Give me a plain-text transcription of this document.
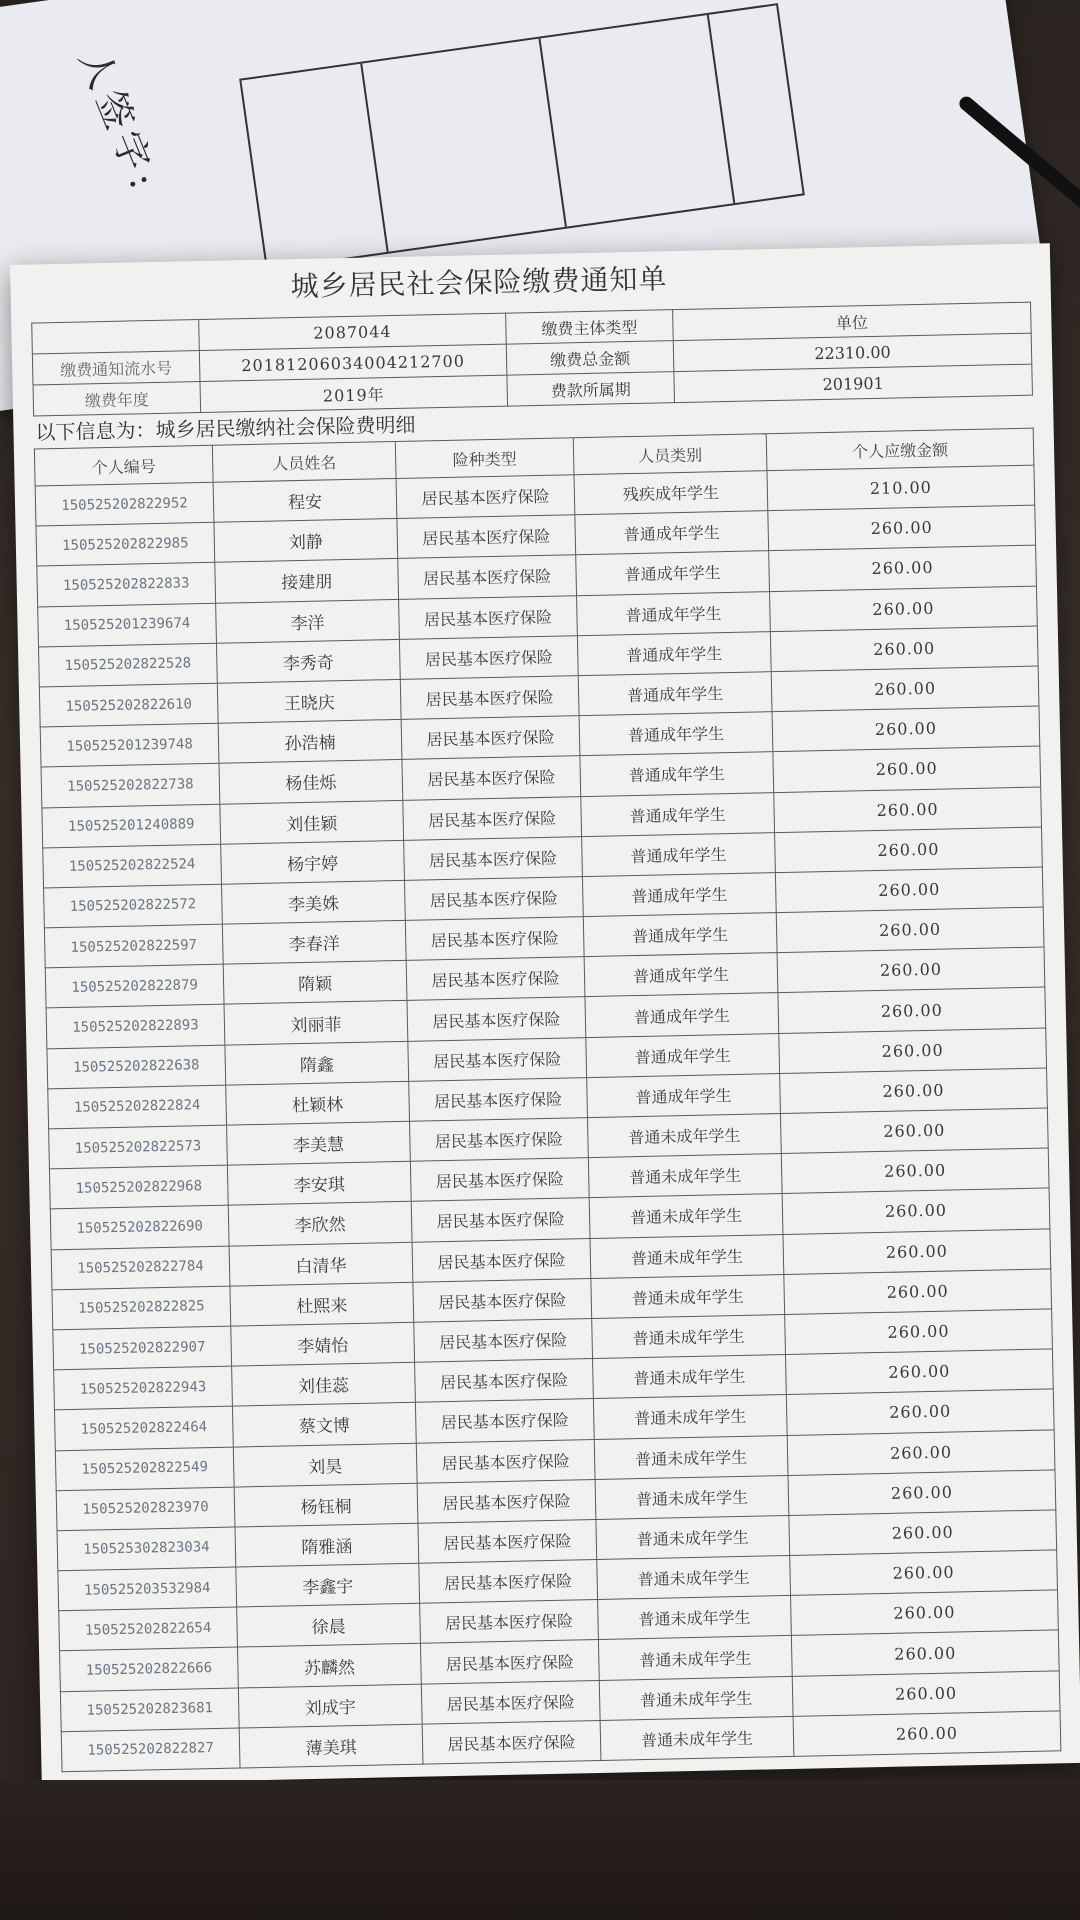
人签字:
城乡居民社会保险缴费通知单
	2087044	缴费主体类型	单位
缴费通知流水号	20181206034004212700	缴费总金额	22310.00
缴费年度	2019年	费款所属期	201901
以下信息为：城乡居民缴纳社会保险费明细
个人编号	人员姓名	险种类型	人员类别	个人应缴金额
150525202822952	程安	居民基本医疗保险	残疾成年学生	210.00
150525202822985	刘静	居民基本医疗保险	普通成年学生	260.00
150525202822833	接建朋	居民基本医疗保险	普通成年学生	260.00
150525201239674	李洋	居民基本医疗保险	普通成年学生	260.00
150525202822528	李秀奇	居民基本医疗保险	普通成年学生	260.00
150525202822610	王晓庆	居民基本医疗保险	普通成年学生	260.00
150525201239748	孙浩楠	居民基本医疗保险	普通成年学生	260.00
150525202822738	杨佳烁	居民基本医疗保险	普通成年学生	260.00
150525201240889	刘佳颖	居民基本医疗保险	普通成年学生	260.00
150525202822524	杨宇婷	居民基本医疗保险	普通成年学生	260.00
150525202822572	李美姝	居民基本医疗保险	普通成年学生	260.00
150525202822597	李春洋	居民基本医疗保险	普通成年学生	260.00
150525202822879	隋颖	居民基本医疗保险	普通成年学生	260.00
150525202822893	刘丽菲	居民基本医疗保险	普通成年学生	260.00
150525202822638	隋鑫	居民基本医疗保险	普通成年学生	260.00
150525202822824	杜颖林	居民基本医疗保险	普通成年学生	260.00
150525202822573	李美慧	居民基本医疗保险	普通未成年学生	260.00
150525202822968	李安琪	居民基本医疗保险	普通未成年学生	260.00
150525202822690	李欣然	居民基本医疗保险	普通未成年学生	260.00
150525202822784	白清华	居民基本医疗保险	普通未成年学生	260.00
150525202822825	杜熙来	居民基本医疗保险	普通未成年学生	260.00
150525202822907	李婧怡	居民基本医疗保险	普通未成年学生	260.00
150525202822943	刘佳蕊	居民基本医疗保险	普通未成年学生	260.00
150525202822464	蔡文博	居民基本医疗保险	普通未成年学生	260.00
150525202822549	刘昊	居民基本医疗保险	普通未成年学生	260.00
150525202823970	杨钰桐	居民基本医疗保险	普通未成年学生	260.00
150525302823034	隋雅涵	居民基本医疗保险	普通未成年学生	260.00
150525203532984	李鑫宇	居民基本医疗保险	普通未成年学生	260.00
150525202822654	徐晨	居民基本医疗保险	普通未成年学生	260.00
150525202822666	苏麟然	居民基本医疗保险	普通未成年学生	260.00
150525202823681	刘成宇	居民基本医疗保险	普通未成年学生	260.00
150525202822827	薄美琪	居民基本医疗保险	普通未成年学生	260.00
